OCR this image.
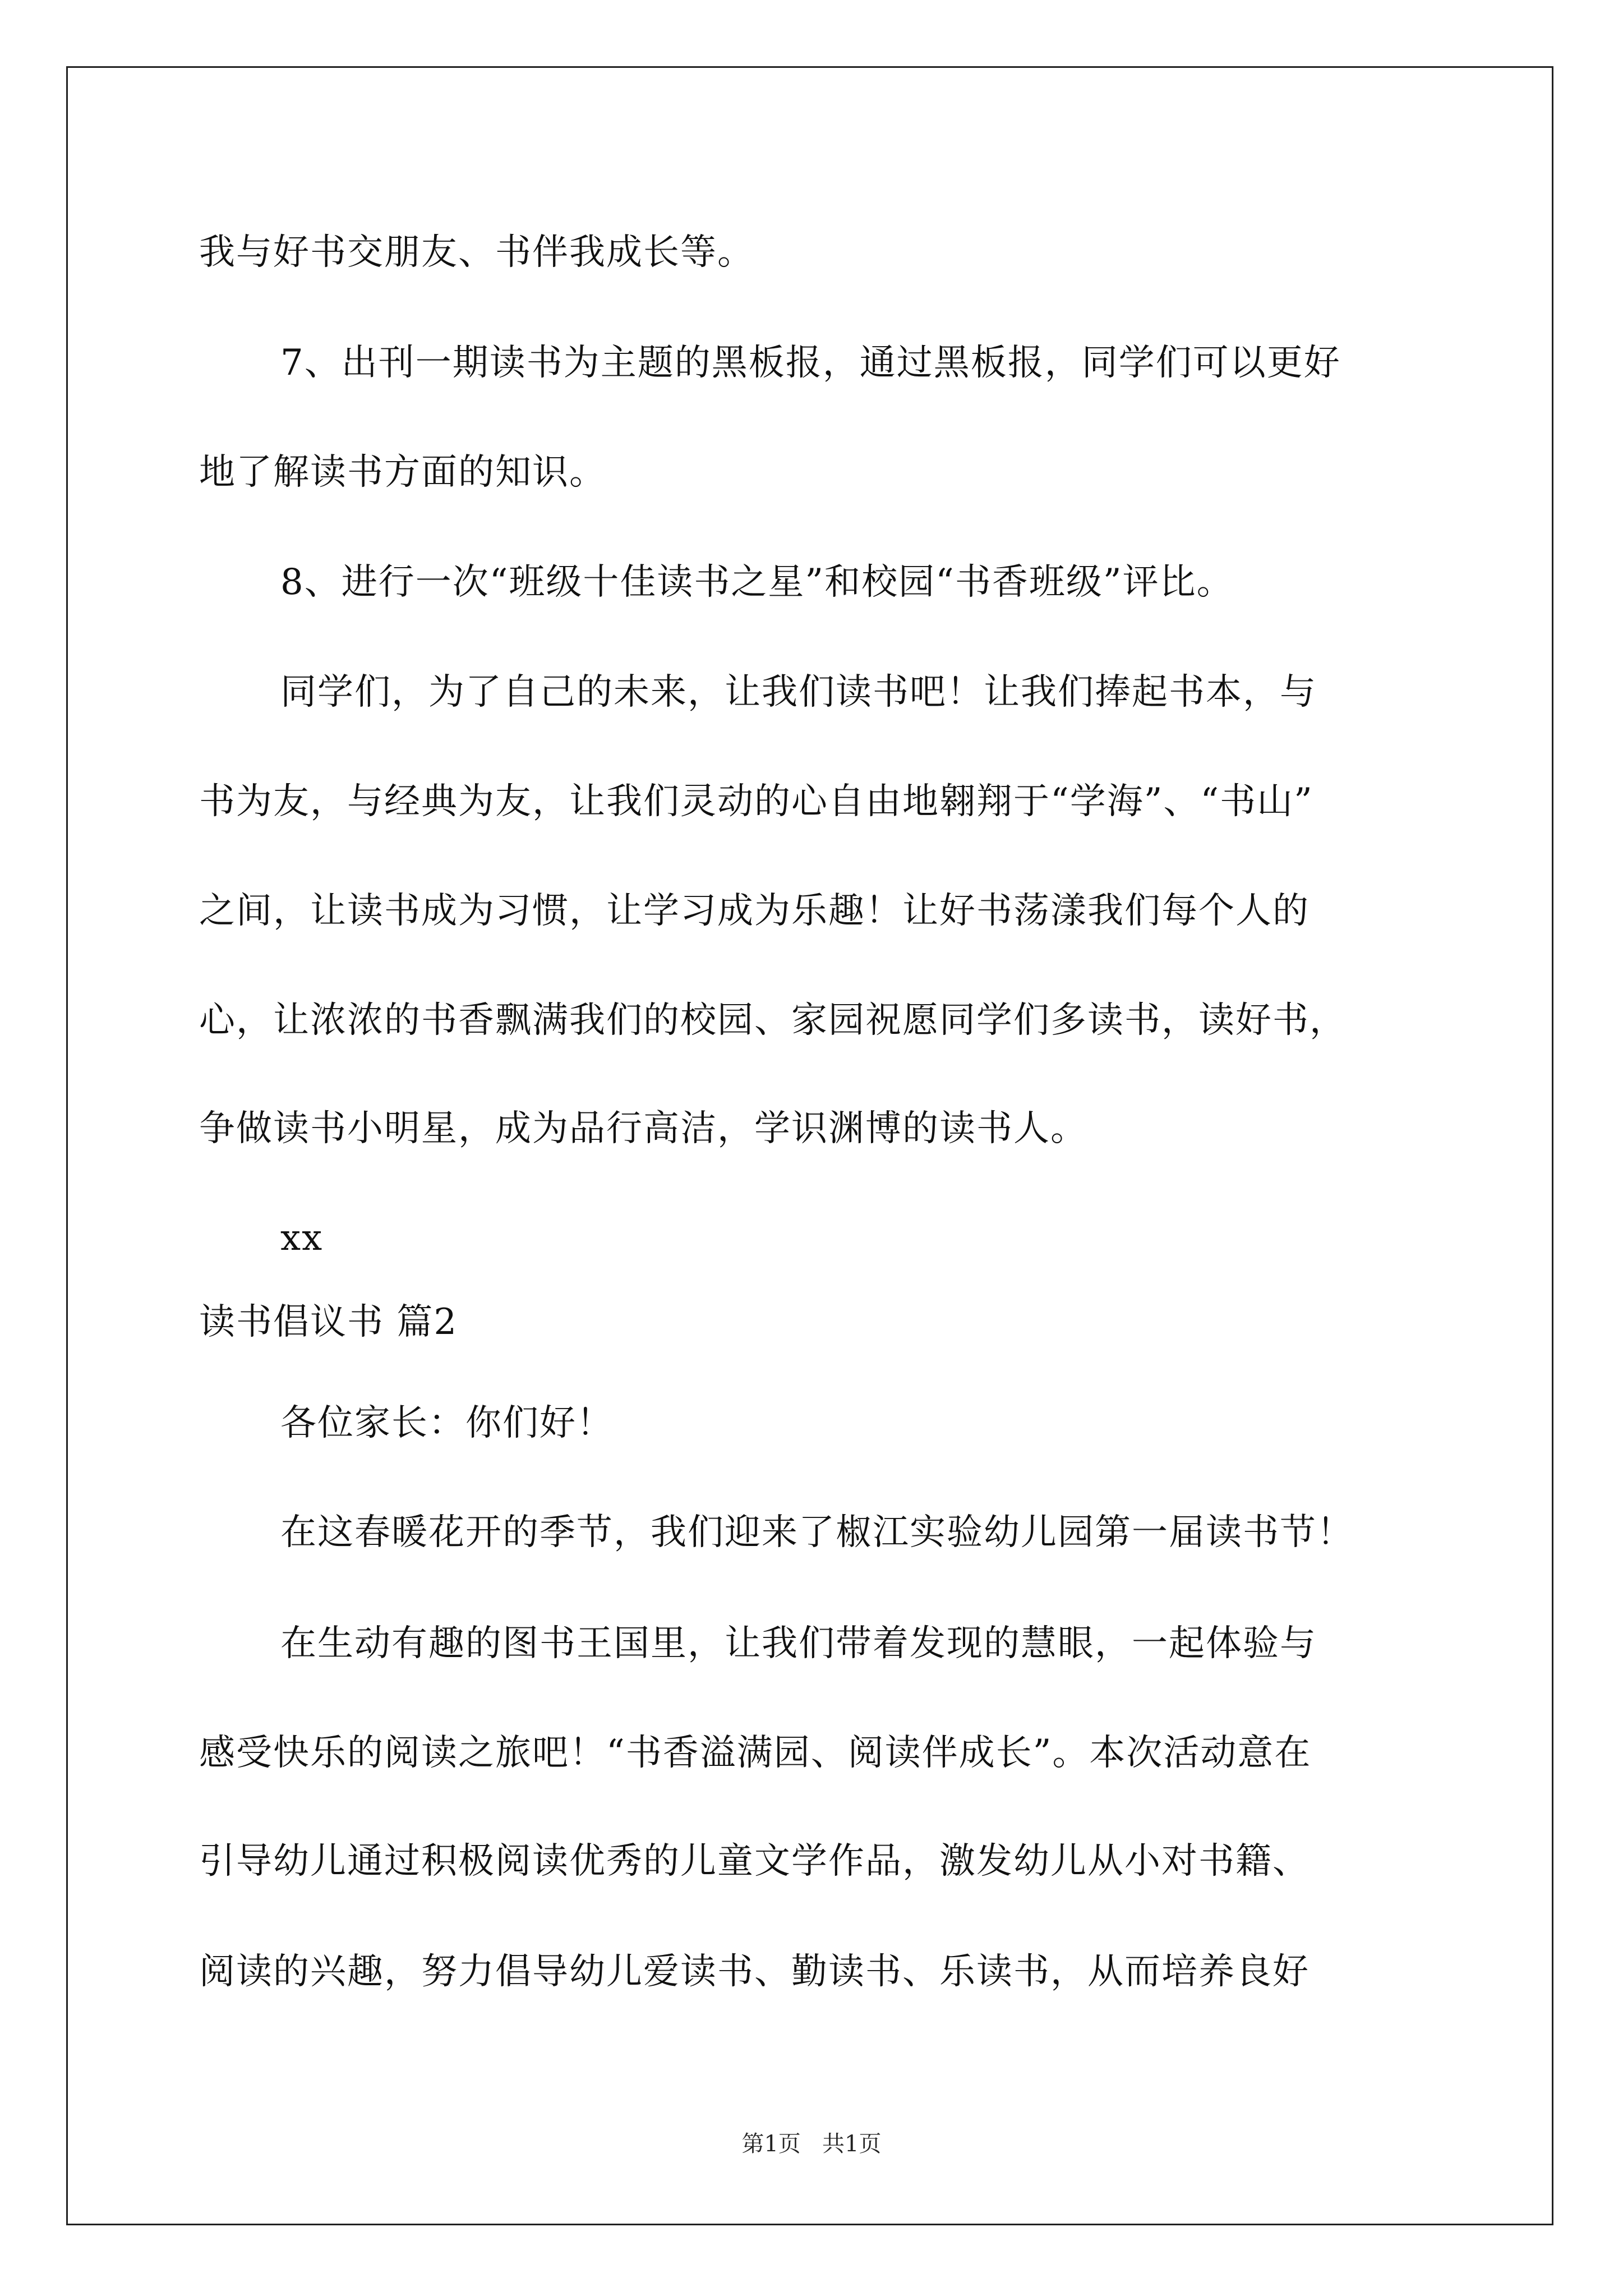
我与好书交朋友、书伴我成长等。
7、出刊一期读书为主题的黑板报，通过黑板报，同学们可以更好
地了解读书方面的知识。
8、进行一次“班级十佳读书之星”和校园“书香班级”评比。
同学们，为了自己的未来，让我们读书吧！让我们捧起书本，与
书为友，与经典为友，让我们灵动的心自由地翱翔于“学海”、“书山”
之间，让读书成为习惯，让学习成为乐趣！让好书荡漾我们每个人的
心，让浓浓的书香飘满我们的校园、家园祝愿同学们多读书，读好书，
争做读书小明星，成为品行高洁，学识渊博的读书人。
xx
读书倡议书 篇2
各位家长：你们好！
在这春暖花开的季节，我们迎来了椒江实验幼儿园第一届读书节！
在生动有趣的图书王国里，让我们带着发现的慧眼，一起体验与
感受快乐的阅读之旅吧！“书香溢满园、阅读伴成长”。本次活动意在
引导幼儿通过积极阅读优秀的儿童文学作品，激发幼儿从小对书籍、
阅读的兴趣，努力倡导幼儿爱读书、勤读书、乐读书，从而培养良好
第1页   共1页
